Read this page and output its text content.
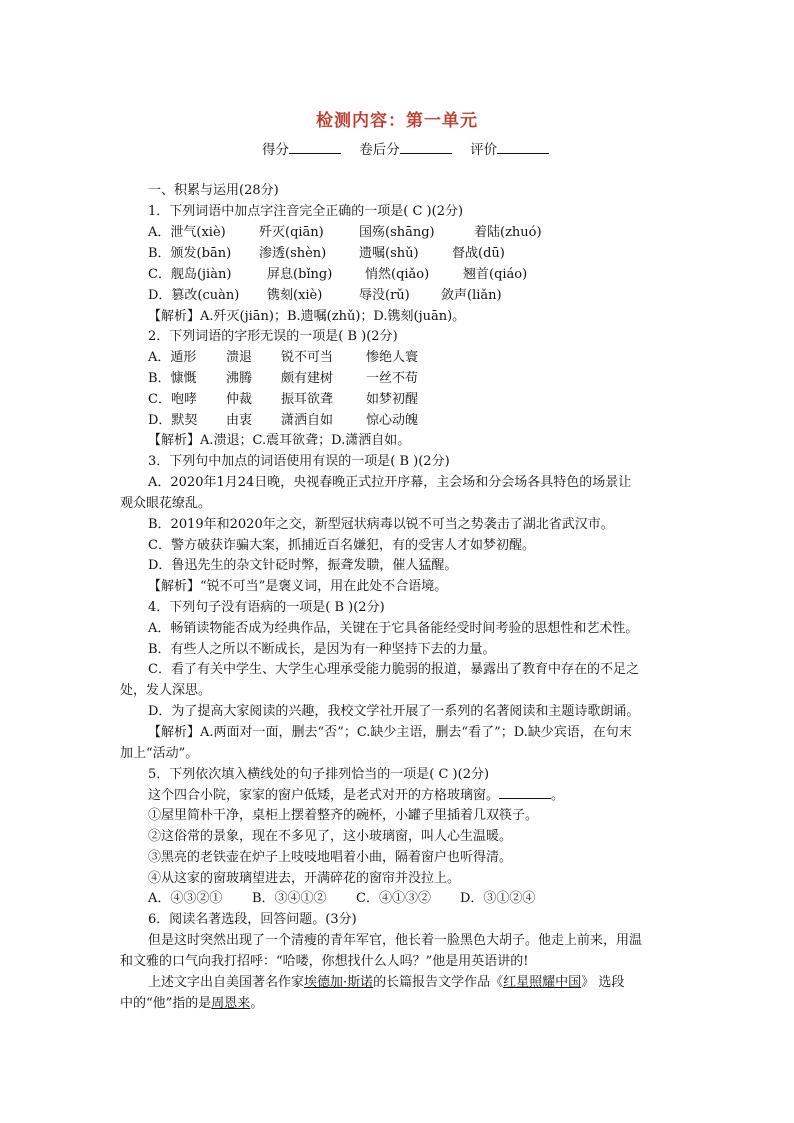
检测内容：第一单元
得分	卷后分	评价
一、积累与运用(28分)
1．下列词语中加点字注音完全正确的一项是( C )(2分)
A．泄气(xiè)	歼灭(qiān)	国殇(shāng)	着陆(zhuó)
B．颁发(bān) 渗透(shèn)	遗嘱(shǔ)	督战(dū)
C．舰岛(jiàn)	屏息(bǐng)	悄然(qiǎo)	翘首(qiáo)
D．篡改(cuàn) 镌刻(xiè)	辱没(rǔ) 敛声(liǎn)
【解析】A.歼灭(jiān)；B.遗嘱(zhǔ)；D.镌刻(juān)。
2．下列词语的字形无误的一项是( B )(2分)
A．遁形 溃退 锐不可当	惨绝人寰
B．慷慨 沸腾 颇有建树	一丝不苟
C．咆哮 仲裁 振耳欲聋	如梦初醒
D．默契 由衷 潇洒自如	惊心动魄
【解析】A.溃退；C.震耳欲聋；D.潇洒自如。
3．下列句中加点的词语使用有误的一项是( B )(2分)
A．2020年1月24日晚，央视春晚正式拉开序幕，主会场和分会场各具特色的场景让
观众眼花缭乱。
B．2019年和2020年之交，新型冠状病毒以锐不可当之势袭击了湖北省武汉市。
C．警方破获诈骗大案，抓捕近百名嫌犯，有的受害人才如梦初醒。
D．鲁迅先生的杂文针砭时弊，振聋发聩，催人猛醒。
【解析】“锐不可当”是褒义词，用在此处不合语境。
4．下列句子没有语病的一项是( B )(2分)
A．畅销读物能否成为经典作品，关键在于它具备能经受时间考验的思想性和艺术性。
B．有些人之所以不断成长，是因为有一种坚持下去的力量。
C．看了有关中学生、大学生心理承受能力脆弱的报道，暴露出了教育中存在的不足之
处，发人深思。
D．为了提高大家阅读的兴趣，我校文学社开展了一系列的名著阅读和主题诗歌朗诵。
【解析】A.两面对一面，删去“否”；C.缺少主语，删去“看了”；D.缺少宾语，在句末
加上“活动”。
5．下列依次填入横线处的句子排列恰当的一项是( C )(2分)
这个四合小院，家家的窗户低矮，是老式对开的方格玻璃窗。	。
①屋里简朴干净，桌柜上摆着整齐的碗杯，小罐子里插着几双筷子。
②这俗常的景象，现在不多见了，这小玻璃窗，叫人心生温暖。
③黑亮的老铁壶在炉子上吱吱地唱着小曲，隔着窗户也听得清。
④从这家的窗玻璃望进去，开满碎花的窗帘并没拉上。
A．④③②① B．③④①② C．④①③② D．③①②④
6．阅读名著选段，回答问题。(3分)
但是这时突然出现了一个清瘦的青年军官，他长着一脸黑色大胡子。他走上前来，用温
和文雅的口气向我打招呼：“哈喽，你想找什么人吗？”他是用英语讲的!
上述文字出自美国著名作家埃德加·斯诺的长篇报告文学作品《红星照耀中国》 选段
中的“他”指的是周恩来。
